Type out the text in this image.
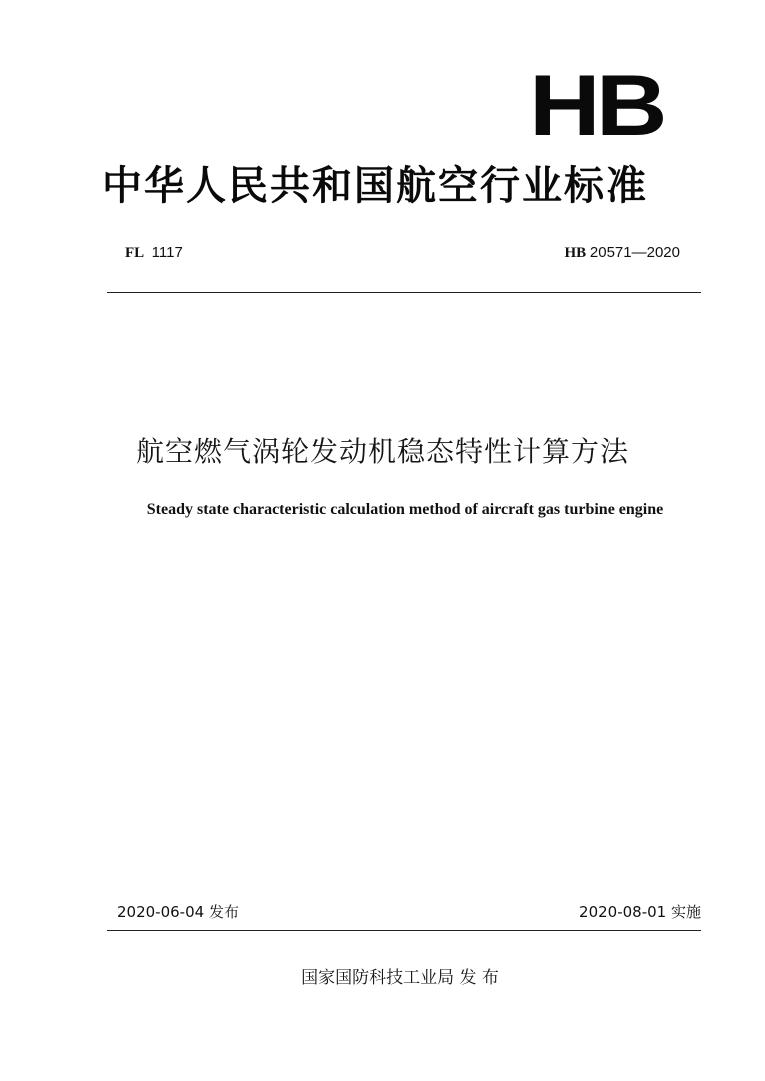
HB
中华人民共和国航空行业标准
FL 1117	HB 20571—2020
航空燃气涡轮发动机稳态特性计算方法
Steady state characteristic calculation method of aircraft gas turbine engine
2020-06-04 发布	2020-08-01 实施
国家国防科技工业局 发 布
